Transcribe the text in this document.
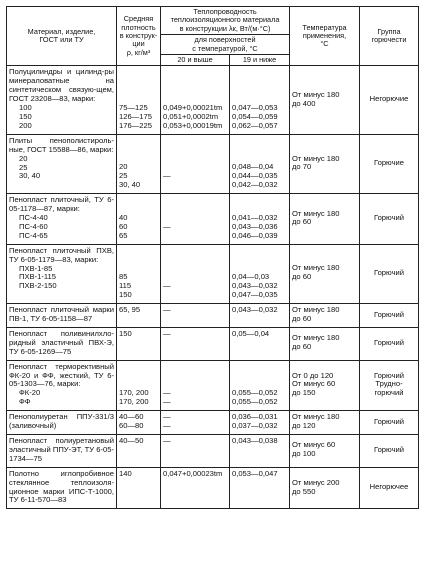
Материал, изделие,
ГОСТ или ТУ	Средняя
плотность
в конструк-
ции
ρ, кг/м³	Теплопроводность
теплоизоляционного материала
в конструкции λк, Вт/(м·°С)		Температура
применения,
°С	Группа
горючести

		для поверхностей
с температурой, °С			

		20 и выше	19 и ниже		

Полуцилиндры и цилинд-ры минераловатные на синтетическом связую-щем, ГОСТ 23208—83, марки:
100
150
200	75—125
126—175
176—225	0,049+0,00021tm
0,051+0,0002tm
0,053+0,00019tm	0,047—0,053
0,054—0,059
0,062—0,057	От минус 180
до 400	Негорючие

Плиты пенополистироль-ные, ГОСТ 15588—86, марки:
20
25
30, 40	20
25
30, 40	—	0,048—0,04
0,044—0,035
0,042—0,032	От минус 180
до 70	Горючие

Пенопласт плиточный, ТУ 6-05-1178—87, марки:
ПС-4-40
ПС-4-60
ПС-4-65	40
60
65	—	0,041—0,032
0,043—0,036
0,046—0,039	От минус 180
до 60	Горючий

Пенопласт плиточный ПХВ, ТУ 6-05-1179—83, марки:
ПХВ-1-85
ПХВ-1-115
ПХВ-2-150	85
115
150	—	0,04—0,03
0,043—0,032
0,047—0,035	От минус 180
до 60	Горючий

Пенопласт плиточный марки ПВ-1, ТУ 6-05-1158—87	65, 95	—	0,043—0,032	От минус 180
до 60	Горючий

Пенопласт поливинилхло-ридный эластичный ПВХ-Э, ТУ 6-05-1269—75	150	—	0,05—0,04	От минус 180
до 60	Горючий

Пенопласт терморективный ФК-20 и ФФ, жесткий, ТУ 6-05-1303—76, марки:
ФК-20
ФФ	170, 200
170, 200	—
—	0,055—0,052
0,055—0,052	От 0 до 120
От минус 60
до 150	Горючий
Трудно-
горючий

Пенополиуретан ППУ-331/3 (заливочный)	40—60
60—80	—
—	0,036—0,031
0,037—0,032	От минус 180
до 120	Горючий

Пенопласт полиуретановый эластичный ППУ-ЭТ, ТУ 6-05-1734—75	40—50	—	0,043—0,038	От минус 60
до 100	Горючий

Полотно иглопробивное стеклянное теплоизоля-ционное марки ИПС-Т-1000, ТУ 6-11-570—83	140	0,047+0,00023tm	0,053—0,047	От минус 200
до 550	Негорючее
